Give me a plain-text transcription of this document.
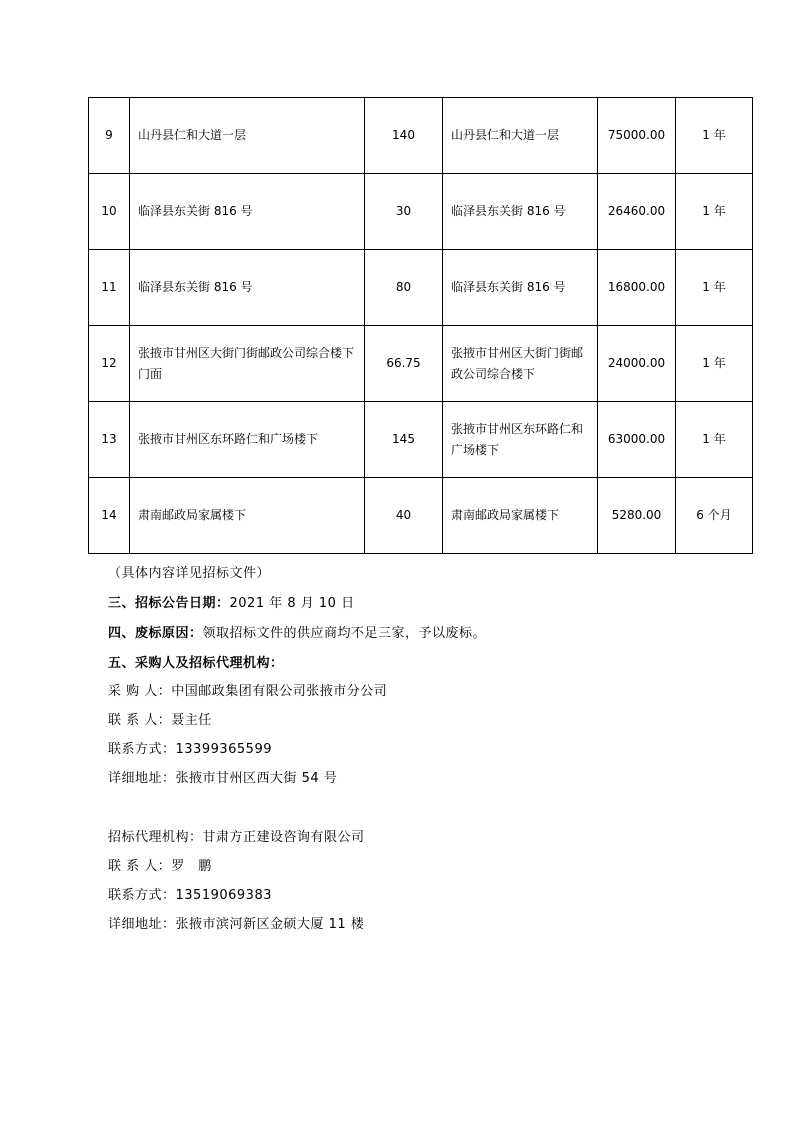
9	山丹县仁和大道一层	140	山丹县仁和大道一层	75000.00	1 年
10	临泽县东关街 816 号	30	临泽县东关街 816 号	26460.00	1 年
11	临泽县东关街 816 号	80	临泽县东关街 816 号	16800.00	1 年
12	张掖市甘州区大街门街邮政公司综合楼下门面	66.75	张掖市甘州区大街门街邮政公司综合楼下	24000.00	1 年
13	张掖市甘州区东环路仁和广场楼下	145	张掖市甘州区东环路仁和广场楼下	63000.00	1 年
14	肃南邮政局家属楼下	40	肃南邮政局家属楼下	5280.00	6 个月
（具体内容详见招标文件）
三、招标公告日期：2021 年 8 月 10 日
四、废标原因：领取招标文件的供应商均不足三家，予以废标。
五、采购人及招标代理机构：
采 购 人：中国邮政集团有限公司张掖市分公司
联 系 人：聂主任
联系方式：13399365599
详细地址：张掖市甘州区西大街 54 号
招标代理机构：甘肃方正建设咨询有限公司
联 系 人：罗　鹏
联系方式：13519069383
详细地址：张掖市滨河新区金硕大厦 11 楼
